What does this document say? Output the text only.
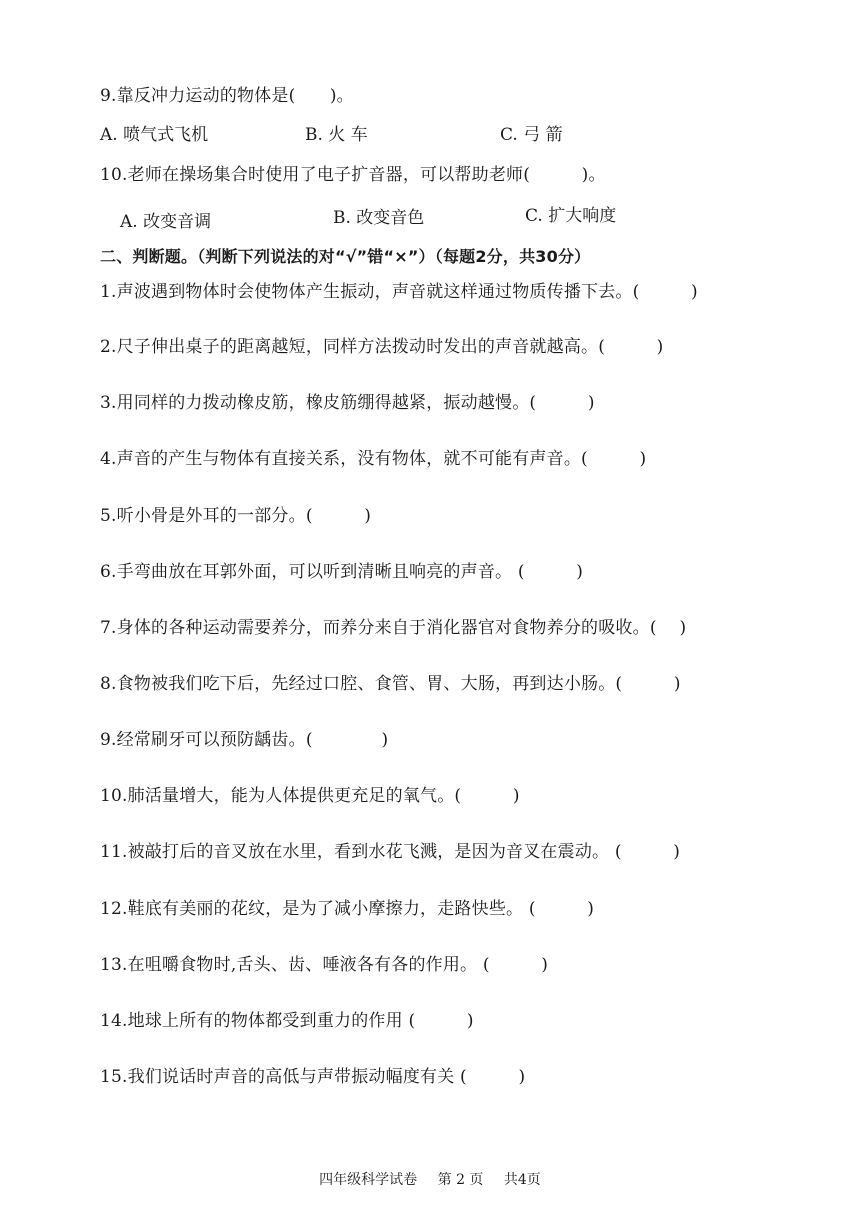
9.靠反冲力运动的物体是(　　)。
A. 喷气式飞机	B. 火 车	C. 弓 箭
10.老师在操场集合时使用了电子扩音器，可以帮助老师(　　　)。
A. 改变音调	B. 改变音色	C. 扩大响度
二、判断题。（判断下列说法的对“√”错“×”）（每题2分，共30分）
1.声波遇到物体时会使物体产生振动，声音就这样通过物质传播下去。(　　　)
2.尺子伸出桌子的距离越短，同样方法拨动时发出的声音就越高。(　　　)
3.用同样的力拨动橡皮筋，橡皮筋绷得越紧，振动越慢。(　　　)
4.声音的产生与物体有直接关系，没有物体，就不可能有声音。(　　　)
5.听小骨是外耳的一部分。(　　　)
6.手弯曲放在耳郭外面，可以听到清晰且响亮的声音。 (　　　)
7.身体的各种运动需要养分，而养分来自于消化器官对食物养分的吸收。(　 )
8.食物被我们吃下后，先经过口腔、食管、胃、大肠，再到达小肠。(　　　)
9.经常刷牙可以预防龋齿。(　　　　)
10.肺活量增大，能为人体提供更充足的氧气。(　　　)
11.被敲打后的音叉放在水里，看到水花飞溅，是因为音叉在震动。 (　　　)
12.鞋底有美丽的花纹，是为了减小摩擦力，走路快些。 (　　　)
13.在咀嚼食物时,舌头、齿、唾液各有各的作用。 (　　　)
14.地球上所有的物体都受到重力的作用 (　　　)
15.我们说话时声音的高低与声带振动幅度有关 (　　　)
四年级科学试卷 第 2 页 共4页
